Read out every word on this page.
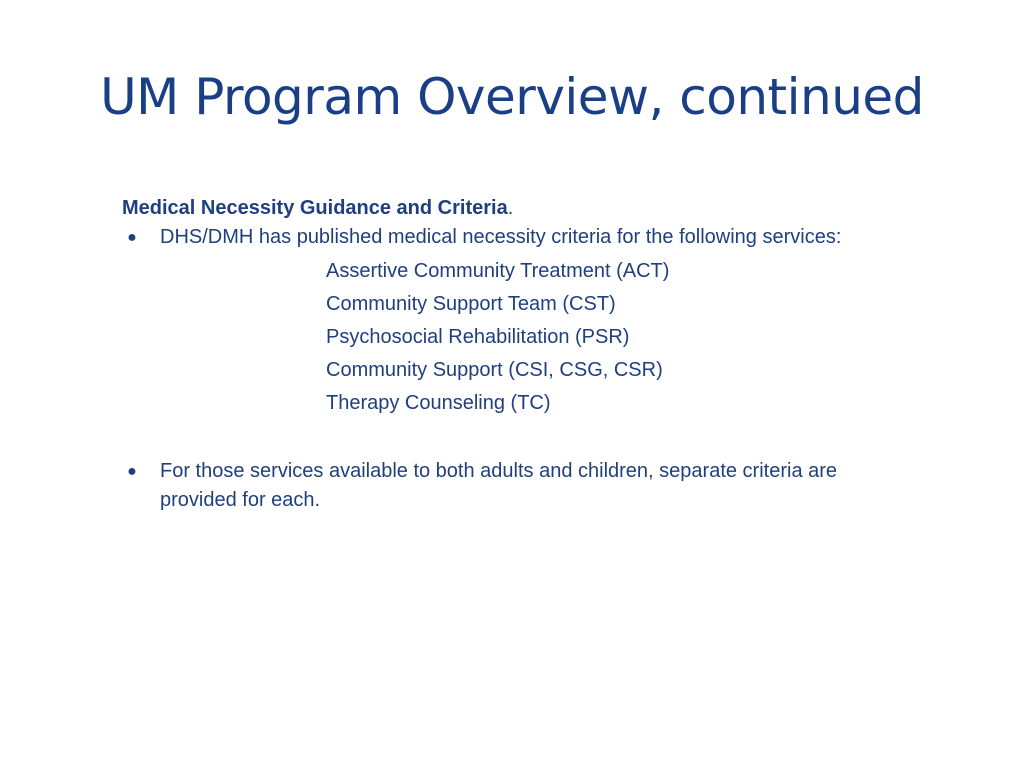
UM Program Overview, continued

Medical Necessity Guidance and Criteria.

● DHS/DMH has published medical necessity criteria for the following services:
Assertive Community Treatment (ACT)
Community Support Team (CST)
Psychosocial Rehabilitation (PSR)
Community Support (CSI, CSG, CSR)
Therapy Counseling (TC)
● For those services available to both adults and children, separate criteria are provided for each.
